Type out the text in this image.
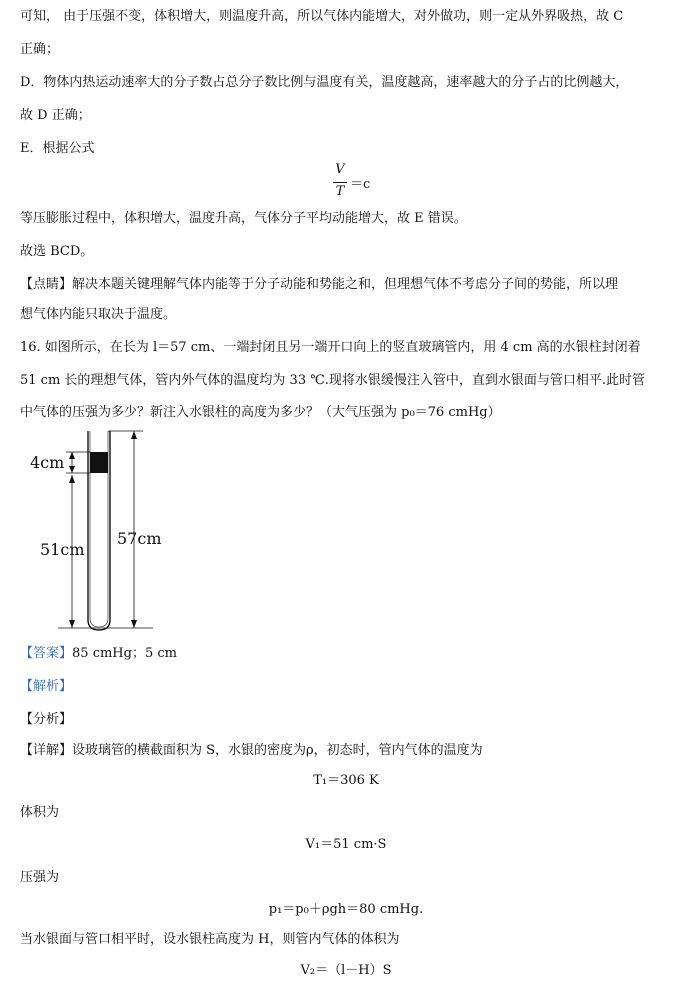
可知， 由于压强不变，体积增大，则温度升高，所以气体内能增大，对外做功，则一定从外界吸热，故 C
正确；
D．物体内热运动速率大的分子数占总分子数比例与温度有关，温度越高，速率越大的分子占的比例越大，
故 D 正确；
E．根据公式
V
T ＝c
等压膨胀过程中，体积增大，温度升高，气体分子平均动能增大，故 E 错误。
故选 BCD。
【点睛】解决本题关键理解气体内能等于分子动能和势能之和，但理想气体不考虑分子间的势能，所以理
想气体内能只取决于温度。
16. 如图所示，在长为 l＝57 cm、一端封闭且另一端开口向上的竖直玻璃管内，用 4 cm 高的水银柱封闭着
51 cm 长的理想气体，管内外气体的温度均为 33 ℃.现将水银缓慢注入管中，直到水银面与管口相平.此时管
中气体的压强为多少？新注入水银柱的高度为多少？（大气压强为 p₀＝76 cmHg）
4cm
51cm
57cm
【答案】85 cmHg；5 cm
【解析】
【分析】
【详解】设玻璃管的横截面积为 S，水银的密度为ρ，初态时，管内气体的温度为
T₁＝306 K
体积为
V₁＝51 cm·S
压强为
p₁＝p₀＋ρgh＝80 cmHg.
当水银面与管口相平时，设水银柱高度为 H，则管内气体的体积为
V₂＝（l－H）S
